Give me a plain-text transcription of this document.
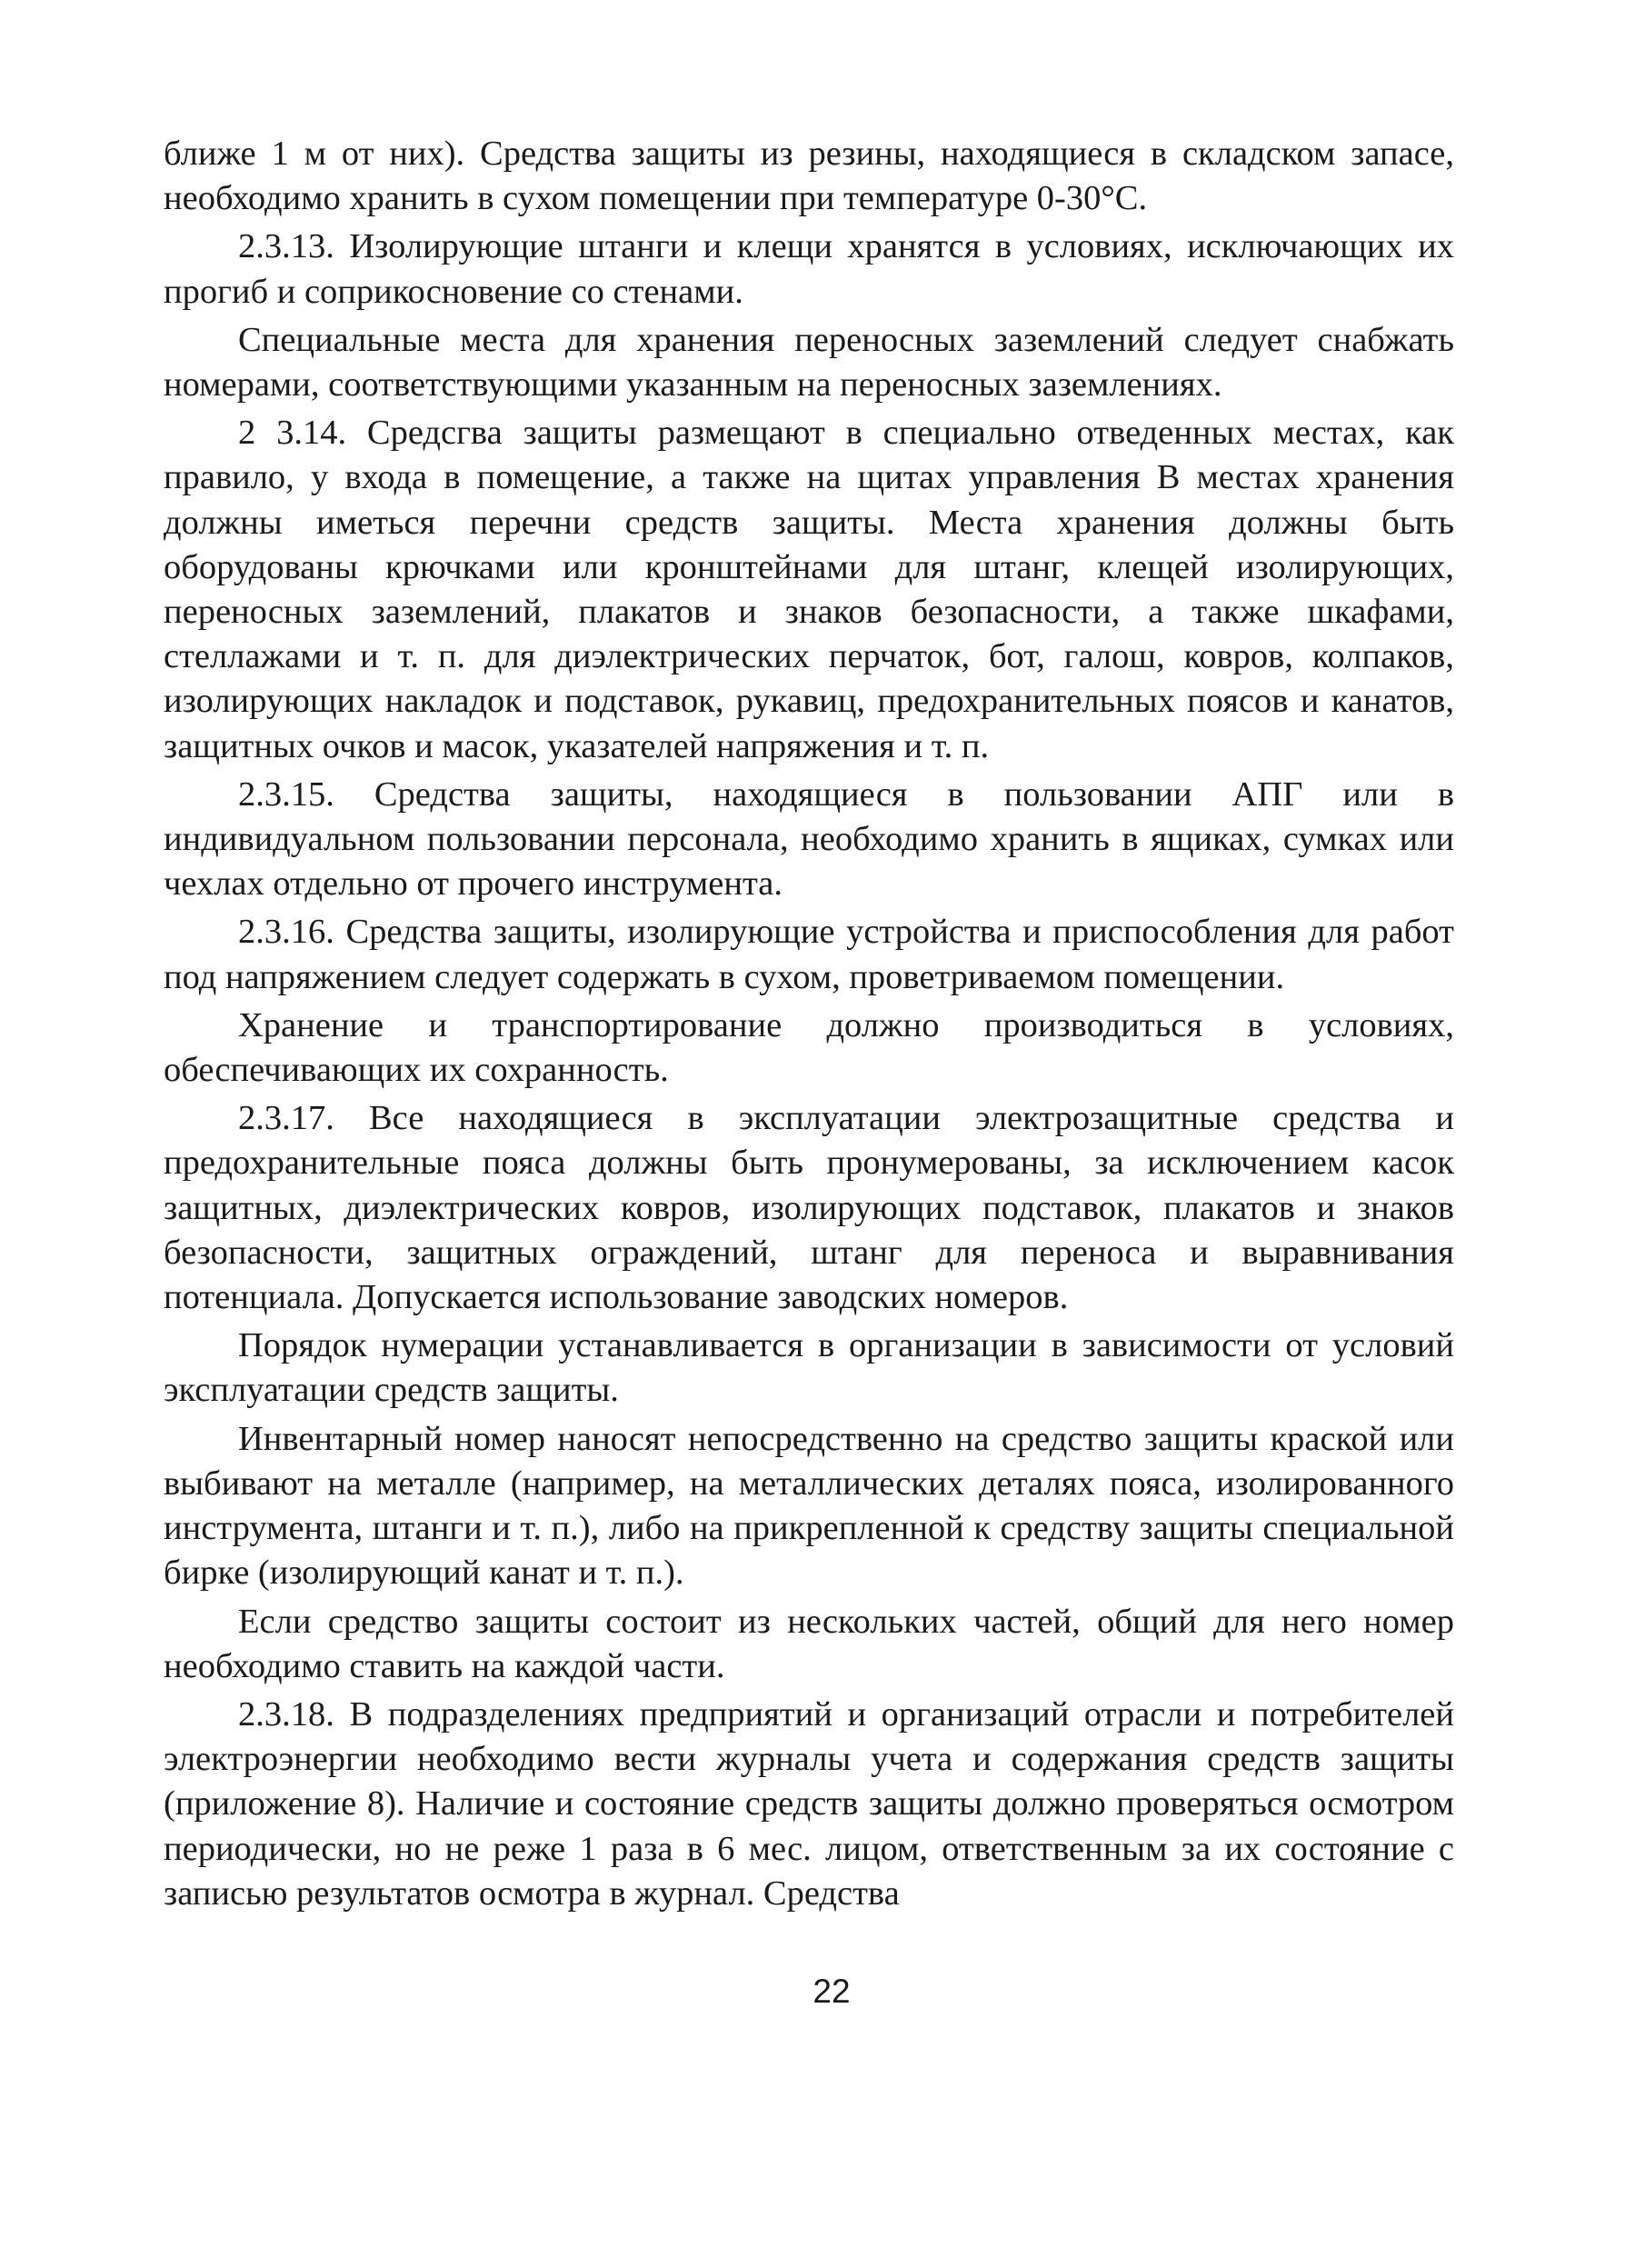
ближе 1 м от них). Средства защиты из резины, находящиеся в складском запасе, необходимо хранить в сухом помещении при температуре 0-30°С.

2.3.13. Изолирующие штанги и клещи хранятся в условиях, исключающих их прогиб и соприкосновение со стенами.

Специальные места для хранения переносных заземлений следует снабжать номерами, соответствующими указанным на переносных заземлениях.

2 3.14. Средсгва защиты размещают в специально отведенных местах, как правило, у входа в помещение, а также на щитах управления В местах хранения должны иметься перечни средств защиты. Места хранения должны быть оборудованы крючками или кронштейнами для штанг, клещей изолирующих, переносных заземлений, плакатов и знаков безопасности, а также шкафами, стеллажами и т. п. для диэлектрических перчаток, бот, галош, ковров, колпаков, изолирующих накладок и подставок, рукавиц, предохранительных поясов и канатов, защитных очков и масок, указателей напряжения и т. п.

2.3.15. Средства защиты, находящиеся в пользовании АПГ или в индивидуальном пользовании персонала, необходимо хранить в ящиках, сумках или чехлах отдельно от прочего инструмента.

2.3.16. Средства защиты, изолирующие устройства и приспособления для работ под напряжением следует содержать в сухом, проветриваемом помещении.

Хранение и транспортирование должно производиться в условиях, обеспечивающих их сохранность.

2.3.17. Все находящиеся в эксплуатации электрозащитные средства и предохранительные пояса должны быть пронумерованы, за исключением касок защитных, диэлектрических ковров, изолирующих подставок, плакатов и знаков безопасности, защитных ограждений, штанг для переноса и выравнивания потенциала. Допускается использование заводских номеров.

Порядок нумерации устанавливается в организации в зависимости от условий эксплуатации средств защиты.

Инвентарный номер наносят непосредственно на средство защиты краской или выбивают на металле (например, на металлических деталях пояса, изолированного инструмента, штанги и т. п.), либо на прикрепленной к средству защиты специальной бирке (изолирующий канат и т. п.).

Если средство защиты состоит из нескольких частей, общий для него номер необходимо ставить на каждой части.

2.3.18. В подразделениях предприятий и организаций отрасли и потребителей электроэнергии необходимо вести журналы учета и содержания средств защиты (приложение 8). Наличие и состояние средств защиты должно проверяться осмотром периодически, но не реже 1 раза в 6 мес. лицом, ответственным за их состояние с записью результатов осмотра в журнал. Средства

22
